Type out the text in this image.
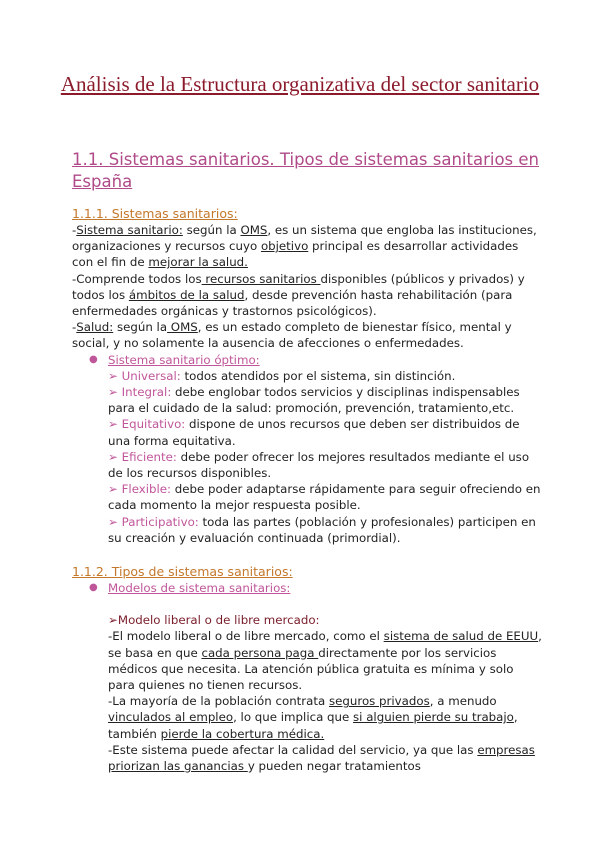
Análisis de la Estructura organizativa del sector sanitario
1.1. Sistemas sanitarios. Tipos de sistemas sanitarios en España

1.1.1. Sistemas sanitarios:

-Sistema sanitario: según la OMS, es un sistema que engloba las instituciones, organizaciones y recursos cuyo objetivo principal es desarrollar actividades con el fin de mejorar la salud.

-Comprende todos los recursos sanitarios disponibles (públicos y privados) y todos los ámbitos de la salud, desde prevención hasta rehabilitación (para enfermedades orgánicas y trastornos psicológicos).

-Salud: según la OMS, es un estado completo de bienestar físico, mental y social, y no solamente la ausencia de afecciones o enfermedades.

● Sistema sanitario óptimo:

➢ Universal: todos atendidos por el sistema, sin distinción.

➢ Integral: debe englobar todos servicios y disciplinas indispensables para el cuidado de la salud: promoción, prevención, tratamiento,etc.

➢ Equitativo: dispone de unos recursos que deben ser distribuidos de una forma equitativa.

➢ Eficiente: debe poder ofrecer los mejores resultados mediante el uso de los recursos disponibles.

➢ Flexible: debe poder adaptarse rápidamente para seguir ofreciendo en cada momento la mejor respuesta posible.

➢ Participativo: toda las partes (población y profesionales) participen en su creación y evaluación continuada (primordial).

1.1.2. Tipos de sistemas sanitarios:

● Modelos de sistema sanitarios:

➢Modelo liberal o de libre mercado:

-El modelo liberal o de libre mercado, como el sistema de salud de EEUU, se basa en que cada persona paga directamente por los servicios médicos que necesita. La atención pública gratuita es mínima y solo para quienes no tienen recursos.

-La mayoría de la población contrata seguros privados, a menudo vinculados al empleo, lo que implica que si alguien pierde su trabajo, también pierde la cobertura médica.

-Este sistema puede afectar la calidad del servicio, ya que las empresas priorizan las ganancias y pueden negar tratamientos
